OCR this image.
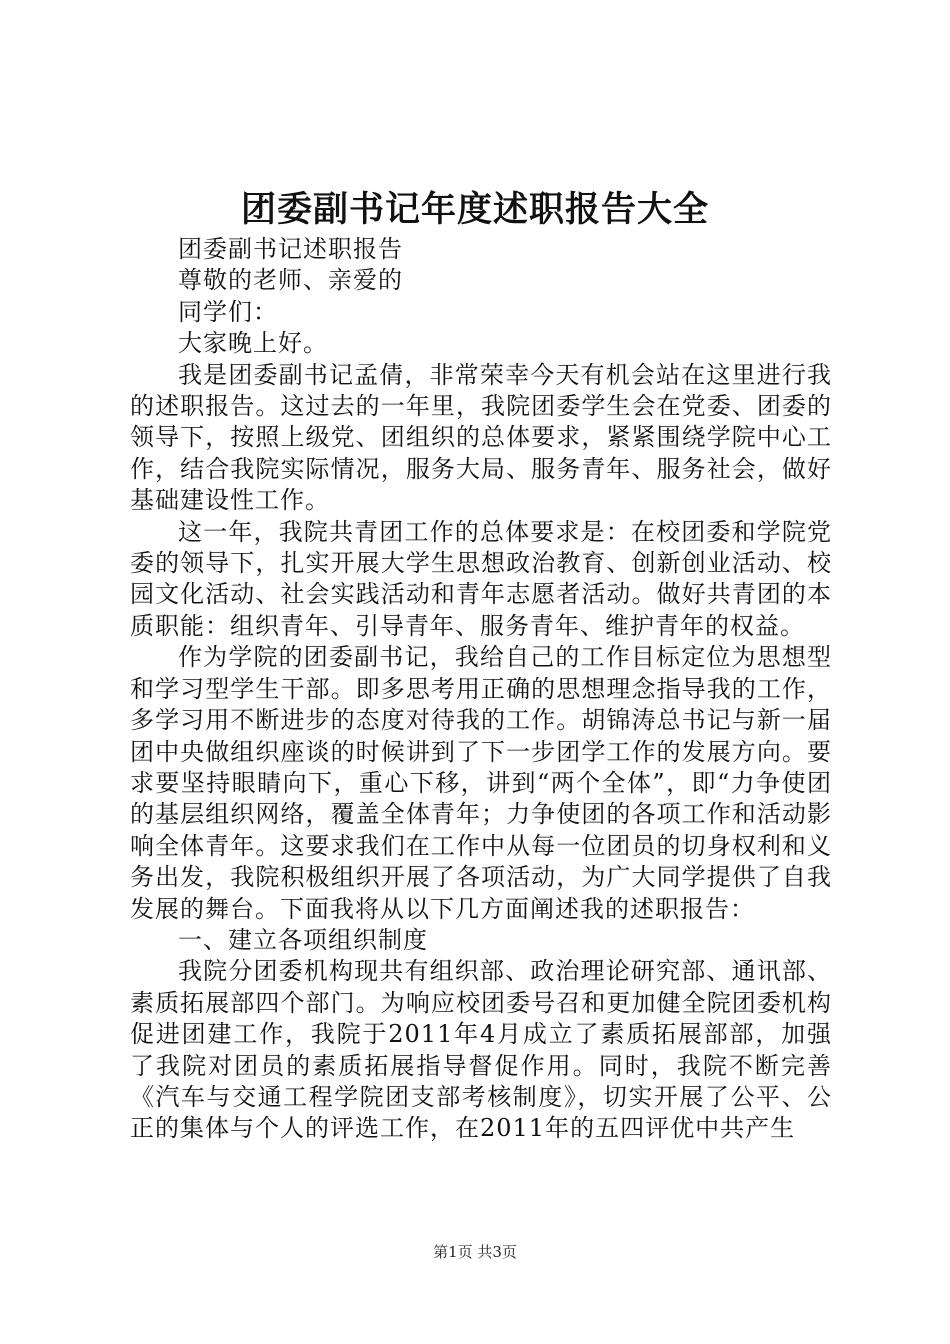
团委副书记年度述职报告大全

团委副书记述职报告

尊敬的老师、亲爱的

同学们：

大家晚上好。

我是团委副书记孟倩，非常荣幸今天有机会站在这里进行我的述职报告。这过去的一年里，我院团委学生会在党委、团委的领导下，按照上级党、团组织的总体要求，紧紧围绕学院中心工作，结合我院实际情况，服务大局、服务青年、服务社会，做好基础建设性工作。

这一年，我院共青团工作的总体要求是：在校团委和学院党委的领导下，扎实开展大学生思想政治教育、创新创业活动、校园文化活动、社会实践活动和青年志愿者活动。做好共青团的本质职能：组织青年、引导青年、服务青年、维护青年的权益。

作为学院的团委副书记，我给自己的工作目标定位为思想型和学习型学生干部。即多思考用正确的思想理念指导我的工作，多学习用不断进步的态度对待我的工作。胡锦涛总书记与新一届团中央做组织座谈的时候讲到了下一步团学工作的发展方向。要求要坚持眼睛向下，重心下移，讲到“两个全体”，即“力争使团的基层组织网络，覆盖全体青年；力争使团的各项工作和活动影响全体青年。这要求我们在工作中从每一位团员的切身权利和义务出发，我院积极组织开展了各项活动，为广大同学提供了自我发展的舞台。下面我将从以下几方面阐述我的述职报告：

一、建立各项组织制度

我院分团委机构现共有组织部、政治理论研究部、通讯部、素质拓展部四个部门。为响应校团委号召和更加健全院团委机构促进团建工作，我院于2011年4月成立了素质拓展部部，加强了我院对团员的素质拓展指导督促作用。同时，我院不断完善《汽车与交通工程学院团支部考核制度》，切实开展了公平、公正的集体与个人的评选工作，在2011年的五四评优中共产生

第1页 共3页
